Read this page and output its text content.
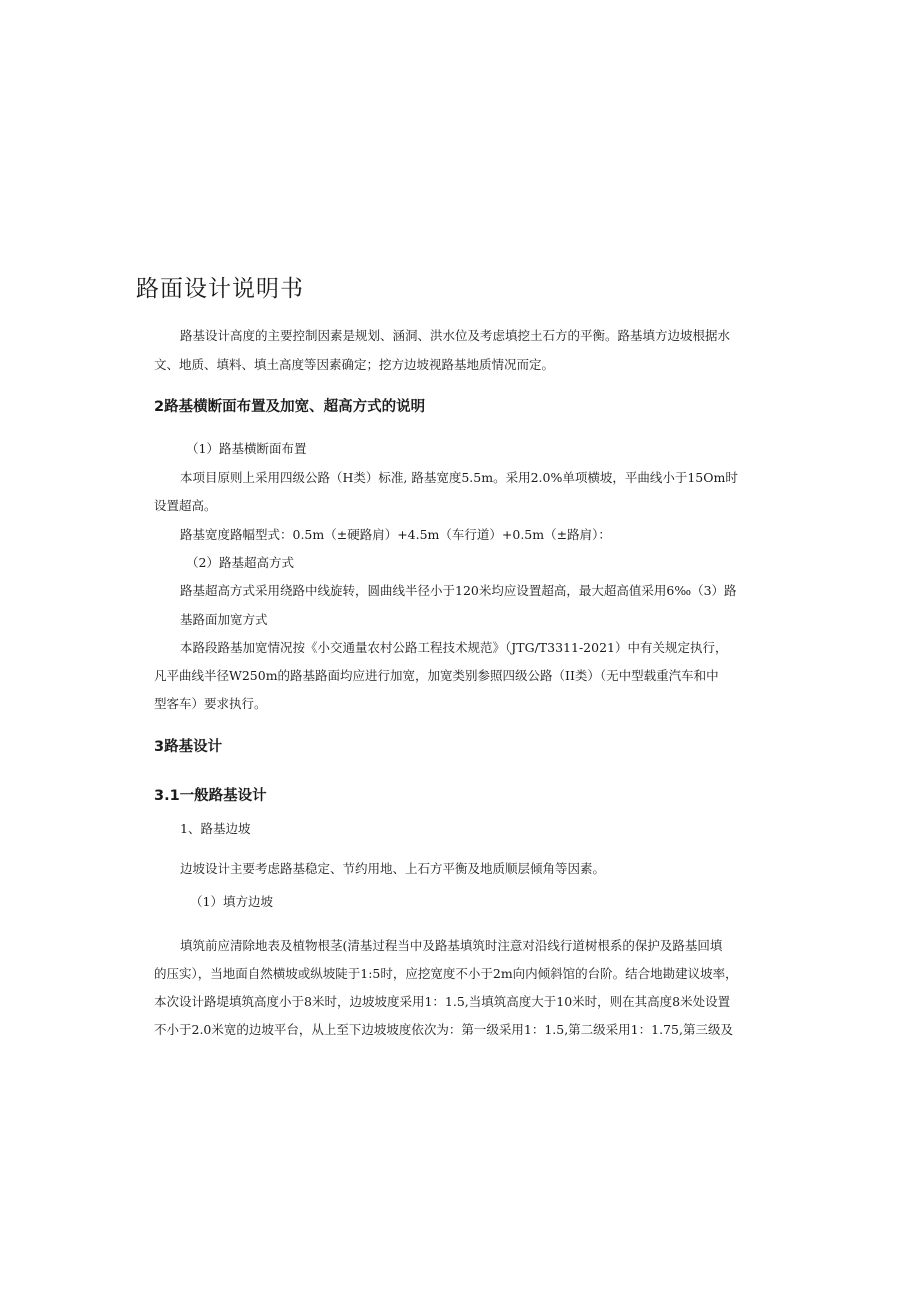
路面设计说明书

路基设计高度的主要控制因素是规划、涵洞、洪水位及考虑填挖土石方的平衡。路基填方边坡根据水

文、地质、填料、填土高度等因素确定；挖方边坡视路基地质情况而定。

2路基横断面布置及加宽、超高方式的说明

（1）路基横断面布置

本项目原则上采用四级公路（H类）标准, 路基宽度5.5m。采用2.0%单项横坡，平曲线小于15Om时

设置超高。

路基宽度路幅型式：0.5m（±硬路肩）+4.5m（车行道）+0.5m（±路肩）：

（2）路基超高方式

路基超高方式采用绕路中线旋转，圆曲线半径小于120米均应设置超高，最大超高值采用6‰（3）路

基路面加宽方式

本路段路基加宽情况按《小交通量农村公路工程技术规范》（JTG/T3311-2021）中有关规定执行，

凡平曲线半径W250m的路基路面均应进行加宽，加宽类别参照四级公路（II类）（无中型载重汽车和中

型客车）要求执行。

3路基设计
3.1一般路基设计

1、路基边坡

边坡设计主要考虑路基稳定、节约用地、上石方平衡及地质顺层倾角等因素。

（1）填方边坡

填筑前应清除地表及植物根茎(清基过程当中及路基填筑时注意对沿线行道树根系的保护及路基回填

的压实），当地面自然横坡或纵坡陡于1:5时，应挖宽度不小于2m向内倾斜馆的台阶。结合地勘建议坡率，

本次设计路堤填筑高度小于8米时，边坡坡度采用1：1.5,当填筑高度大于10米时，则在其高度8米处设置

不小于2.0米宽的边坡平台，从上至下边坡坡度依次为：第一级采用1：1.5,第二级采用1：1.75,第三级及
